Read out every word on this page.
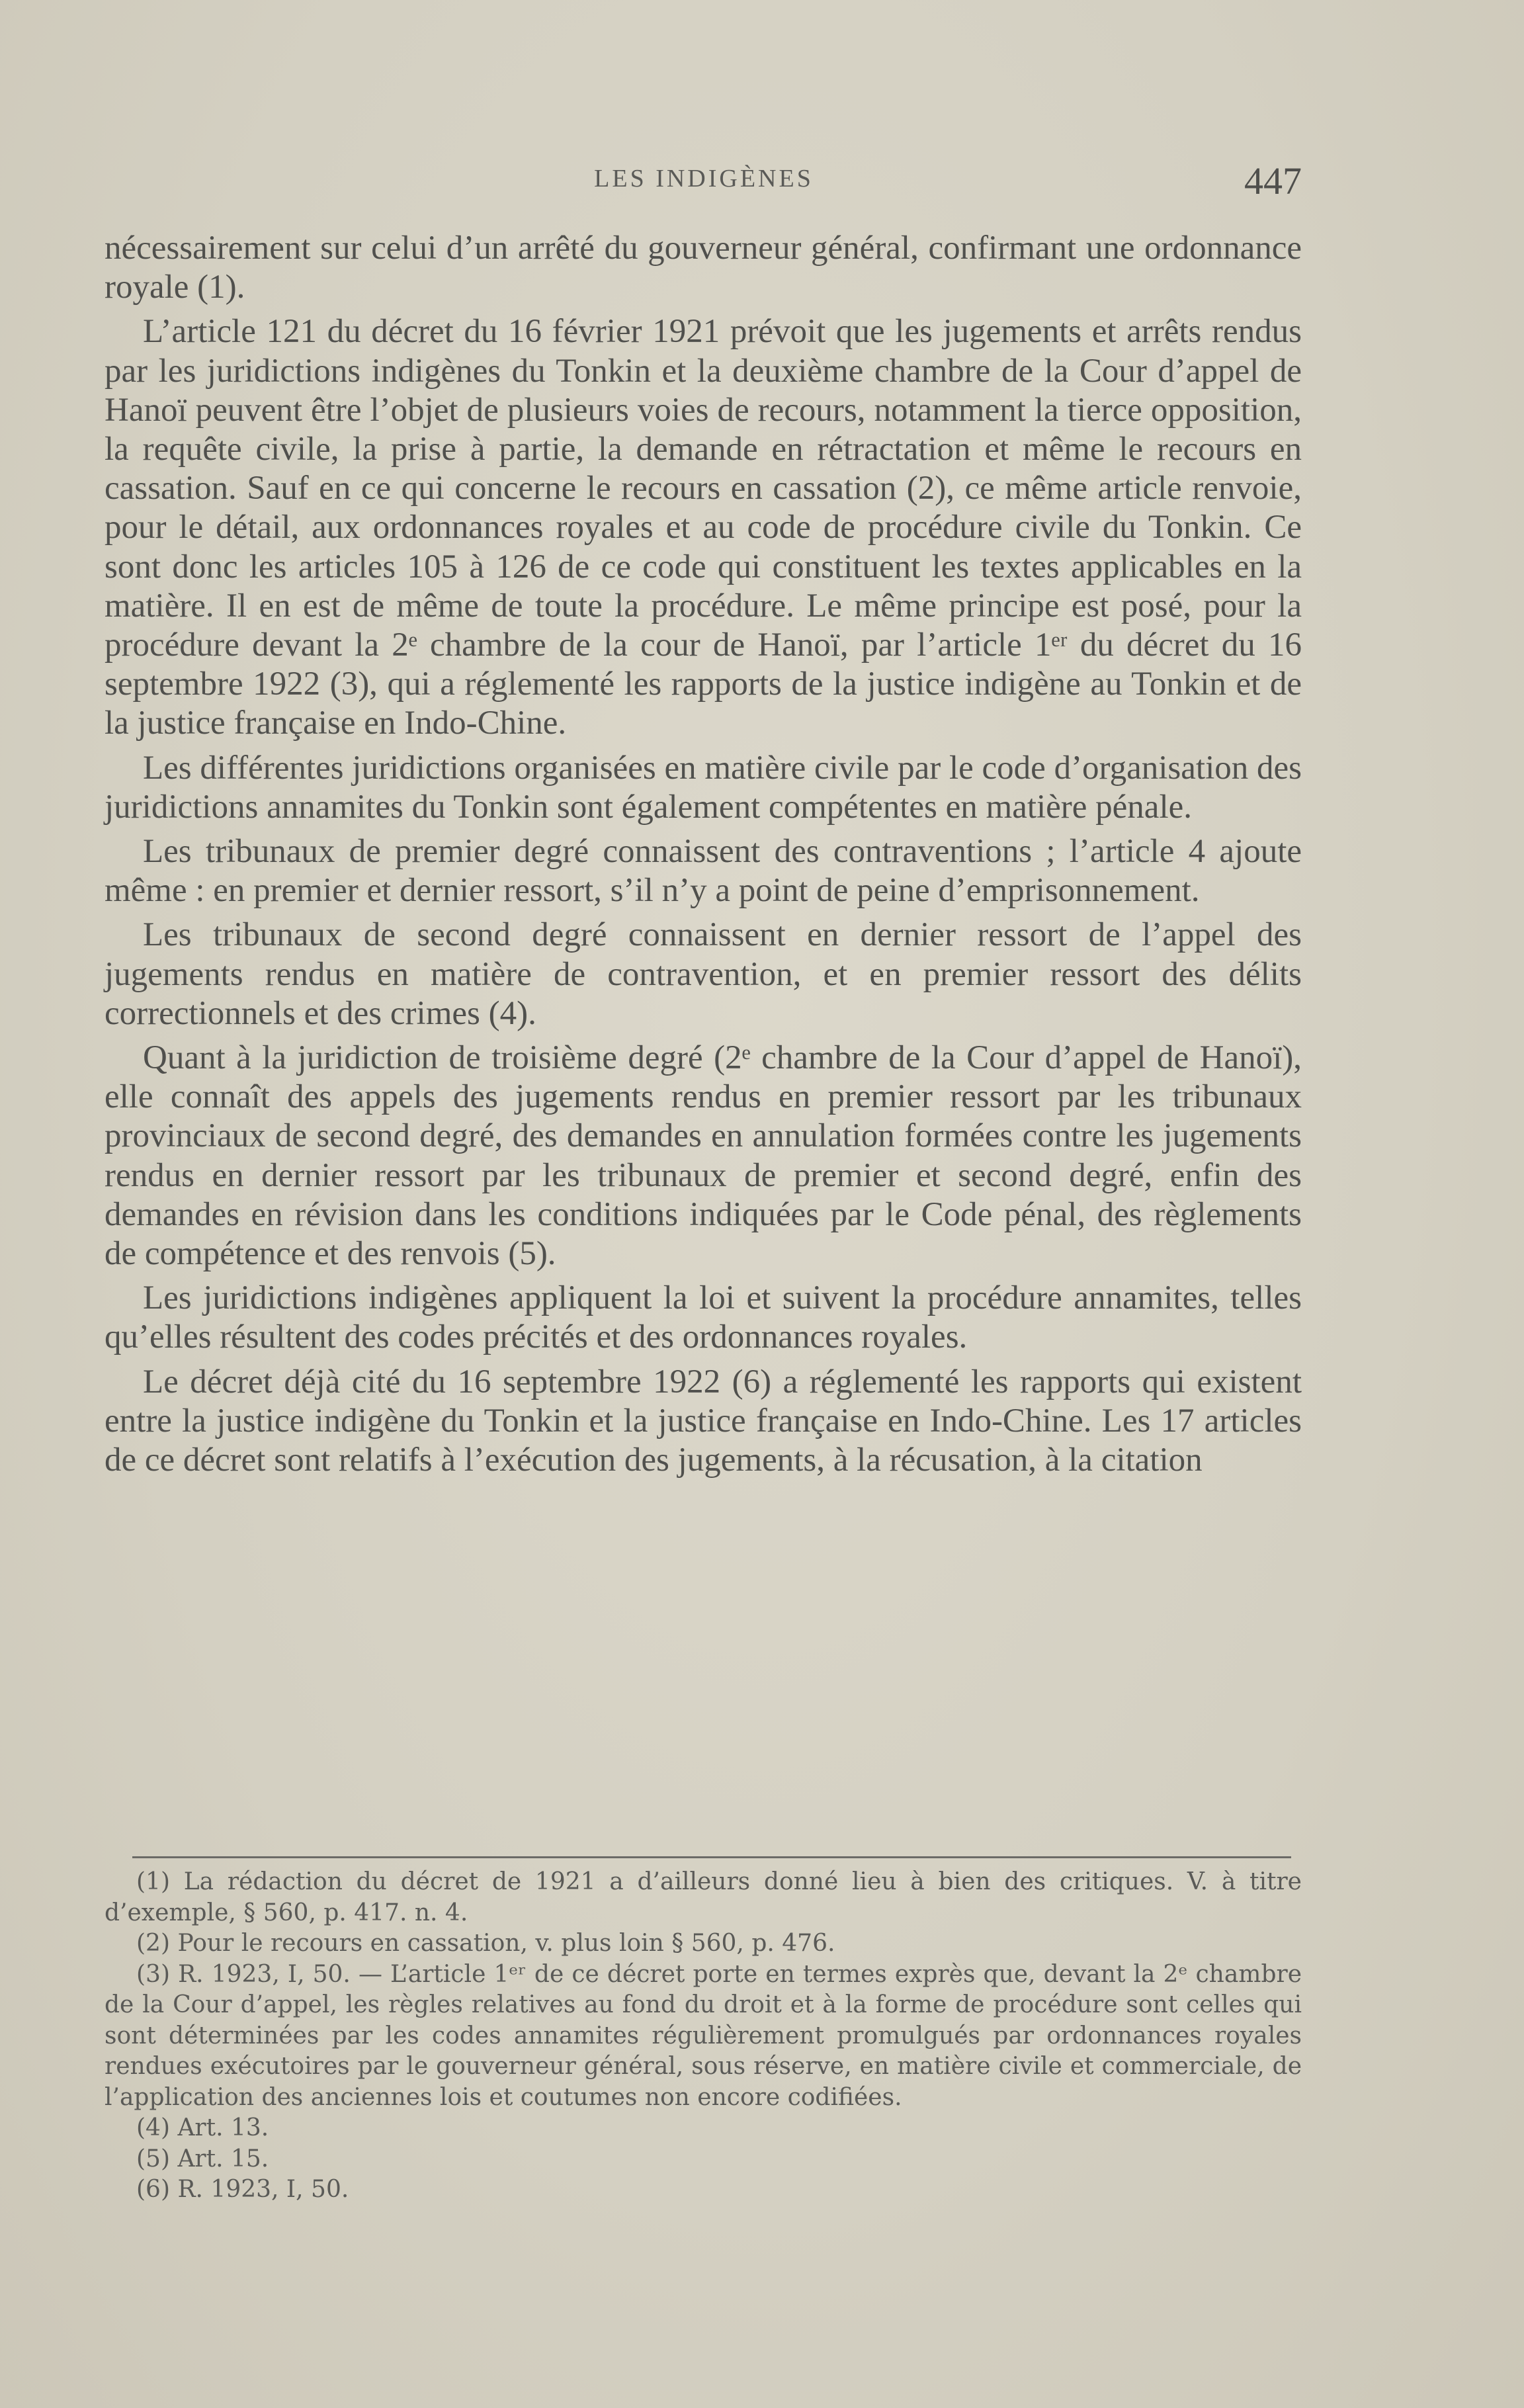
LES INDIGÈNES	447

nécessairement sur celui d’un arrêté du gouverneur général, confirmant une ordonnance royale (1).

L’article 121 du décret du 16 février 1921 prévoit que les jugements et arrêts rendus par les juridictions indigènes du Tonkin et la deuxième chambre de la Cour d’appel de Hanoï peuvent être l’objet de plusieurs voies de recours, notamment la tierce opposition, la requête civile, la prise à partie, la demande en rétractation et même le recours en cassation. Sauf en ce qui concerne le recours en cassation (2), ce même article renvoie, pour le détail, aux ordonnances royales et au code de procédure civile du Tonkin. Ce sont donc les articles 105 à 126 de ce code qui constituent les textes applicables en la matière. Il en est de même de toute la procédure. Le même principe est posé, pour la procédure devant la 2ᵉ chambre de la cour de Hanoï, par l’article 1ᵉʳ du décret du 16 septembre 1922 (3), qui a réglementé les rapports de la justice indigène au Tonkin et de la justice française en Indo-Chine.

Les différentes juridictions organisées en matière civile par le code d’organisation des juridictions annamites du Tonkin sont également compétentes en matière pénale.

Les tribunaux de premier degré connaissent des contraventions ; l’article 4 ajoute même : en premier et dernier ressort, s’il n’y a point de peine d’emprisonnement.

Les tribunaux de second degré connaissent en dernier ressort de l’appel des jugements rendus en matière de contravention, et en premier ressort des délits correctionnels et des crimes (4).

Quant à la juridiction de troisième degré (2ᵉ chambre de la Cour d’appel de Hanoï), elle connaît des appels des jugements rendus en premier ressort par les tribunaux provinciaux de second degré, des demandes en annulation formées contre les jugements rendus en dernier ressort par les tribunaux de premier et second degré, enfin des demandes en révision dans les conditions indiquées par le Code pénal, des règlements de compétence et des renvois (5).

Les juridictions indigènes appliquent la loi et suivent la procédure annamites, telles qu’elles résultent des codes précités et des ordonnances royales.

Le décret déjà cité du 16 septembre 1922 (6) a réglementé les rapports qui existent entre la justice indigène du Tonkin et la justice française en Indo-Chine. Les 17 articles de ce décret sont relatifs à l’exécution des jugements, à la récusation, à la citation

(1) La rédaction du décret de 1921 a d’ailleurs donné lieu à bien des critiques. V. à titre d’exemple, § 560, p. 417. n. 4.

(2) Pour le recours en cassation, v. plus loin § 560, p. 476.

(3) R. 1923, I, 50. — L’article 1ᵉʳ de ce décret porte en termes exprès que, devant la 2ᵉ chambre de la Cour d’appel, les règles relatives au fond du droit et à la forme de procédure sont celles qui sont déterminées par les codes annamites régulièrement promulgués par ordonnances royales rendues exécutoires par le gouverneur général, sous réserve, en matière civile et commerciale, de l’application des anciennes lois et coutumes non encore codifiées.

(4) Art. 13.

(5) Art. 15.

(6) R. 1923, I, 50.
